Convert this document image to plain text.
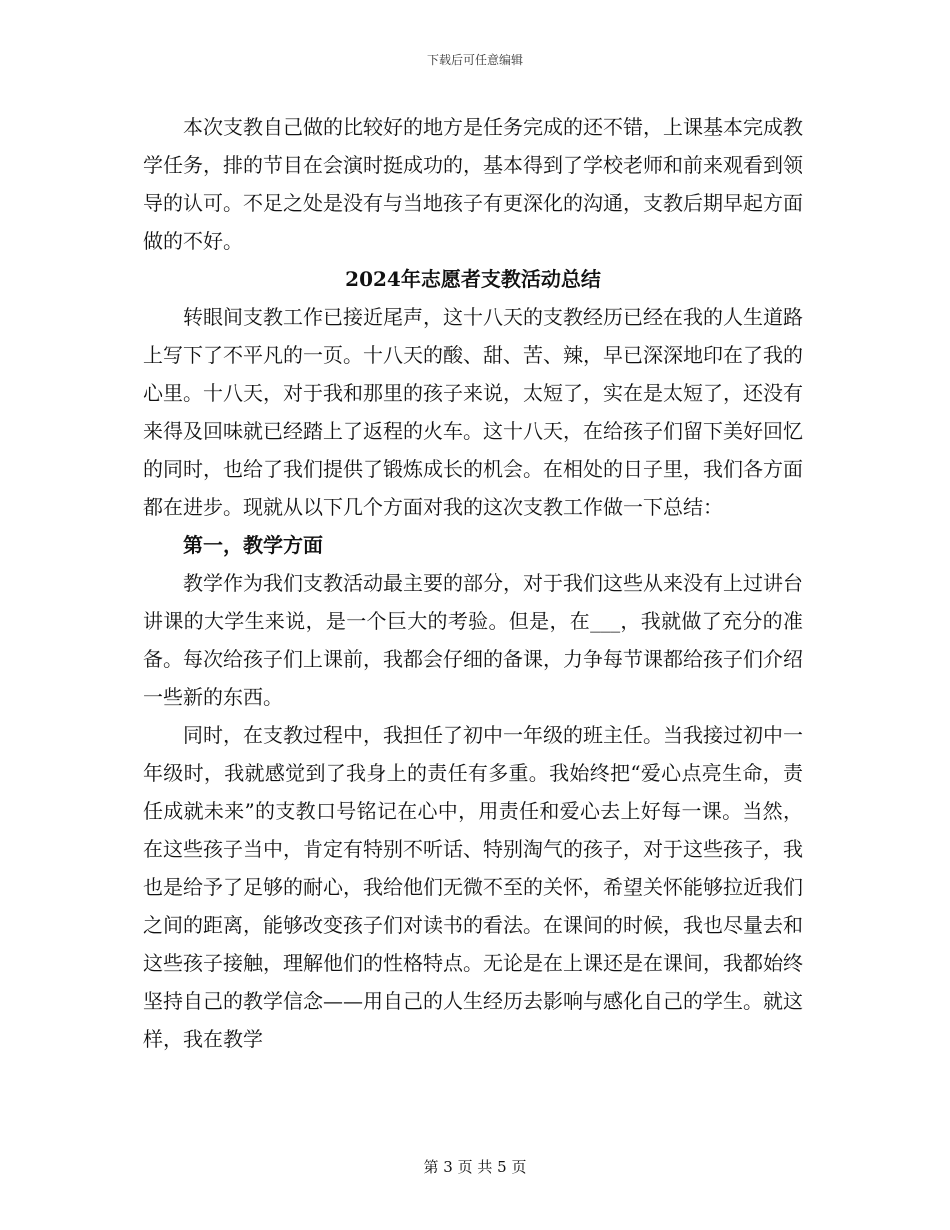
下载后可任意编辑

本次支教自己做的比较好的地方是任务完成的还不错，上课基本完成教学任务，排的节目在会演时挺成功的，基本得到了学校老师和前来观看到领导的认可。不足之处是没有与当地孩子有更深化的沟通，支教后期早起方面做的不好。

2024年志愿者支教活动总结

转眼间支教工作已接近尾声，这十八天的支教经历已经在我的人生道路上写下了不平凡的一页。十八天的酸、甜、苦、辣，早已深深地印在了我的心里。十八天，对于我和那里的孩子来说，太短了，实在是太短了，还没有来得及回味就已经踏上了返程的火车。这十八天，在给孩子们留下美好回忆的同时，也给了我们提供了锻炼成长的机会。在相处的日子里，我们各方面都在进步。现就从以下几个方面对我的这次支教工作做一下总结：

第一，教学方面

教学作为我们支教活动最主要的部分，对于我们这些从来没有上过讲台讲课的大学生来说，是一个巨大的考验。但是，在___，我就做了充分的准备。每次给孩子们上课前，我都会仔细的备课，力争每节课都给孩子们介绍一些新的东西。

同时，在支教过程中，我担任了初中一年级的班主任。当我接过初中一年级时，我就感觉到了我身上的责任有多重。我始终把“爱心点亮生命，责任成就未来”的支教口号铭记在心中，用责任和爱心去上好每一课。当然，在这些孩子当中，肯定有特别不听话、特别淘气的孩子，对于这些孩子，我也是给予了足够的耐心，我给他们无微不至的关怀，希望关怀能够拉近我们之间的距离，能够改变孩子们对读书的看法。在课间的时候，我也尽量去和这些孩子接触，理解他们的性格特点。无论是在上课还是在课间，我都始终坚持自己的教学信念——用自己的人生经历去影响与感化自己的学生。就这样，我在教学

第 3 页 共 5 页
